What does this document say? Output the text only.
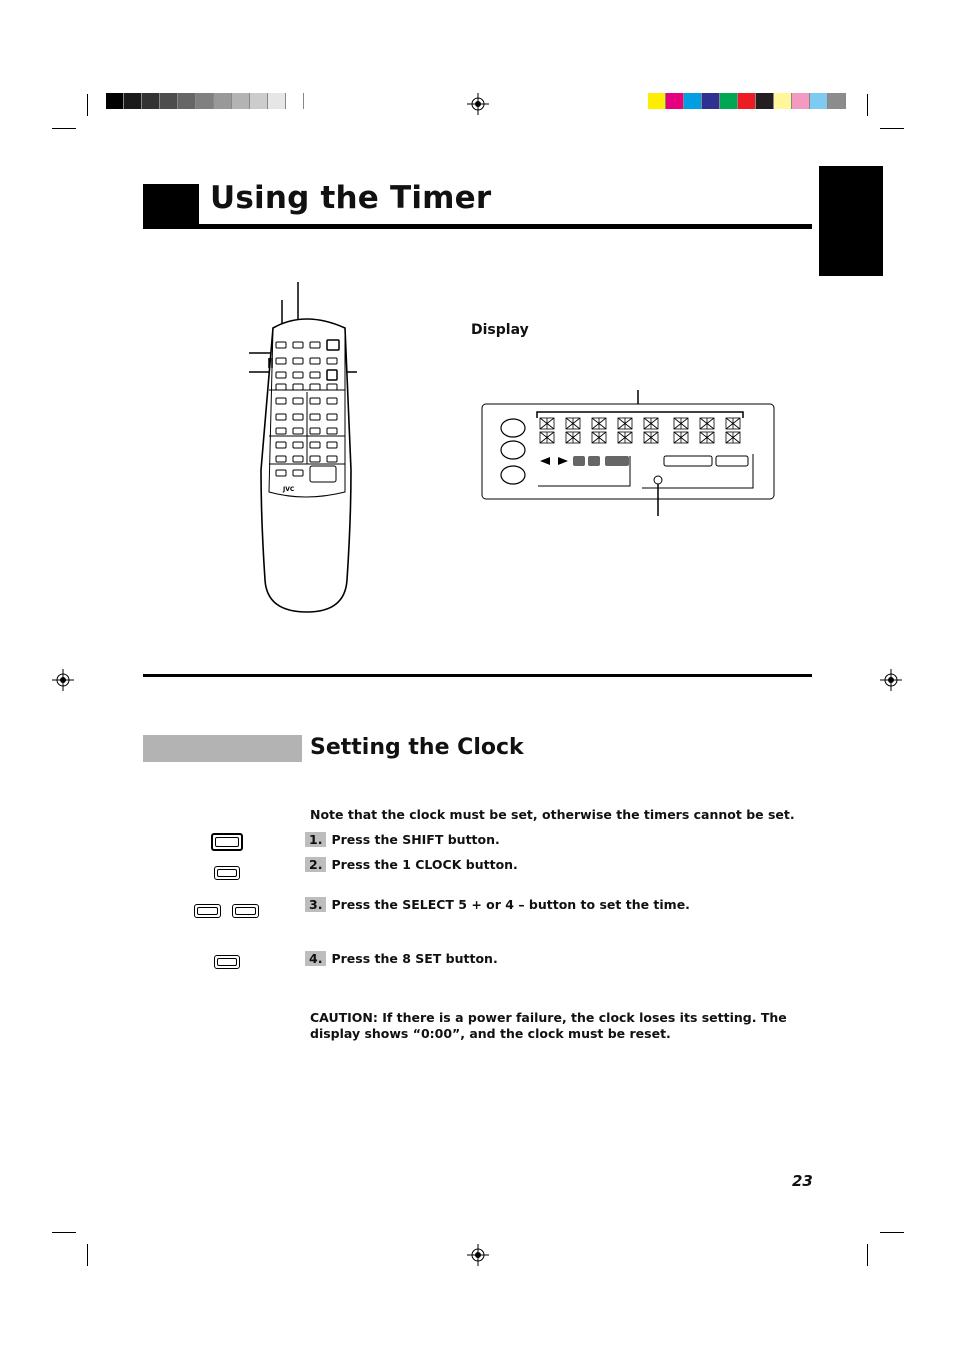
Using the Timer
JVC
Display
Setting the Clock
Note that the clock must be set, otherwise the timers cannot be set.
1. Press the SHIFT button.
2. Press the 1 CLOCK button.
3. Press the SELECT 5 + or 4 – button to set the time.
4. Press the 8 SET button.
CAUTION: If there is a power failure, the clock loses its setting. The display shows “0:00”, and the clock must be reset.
23
